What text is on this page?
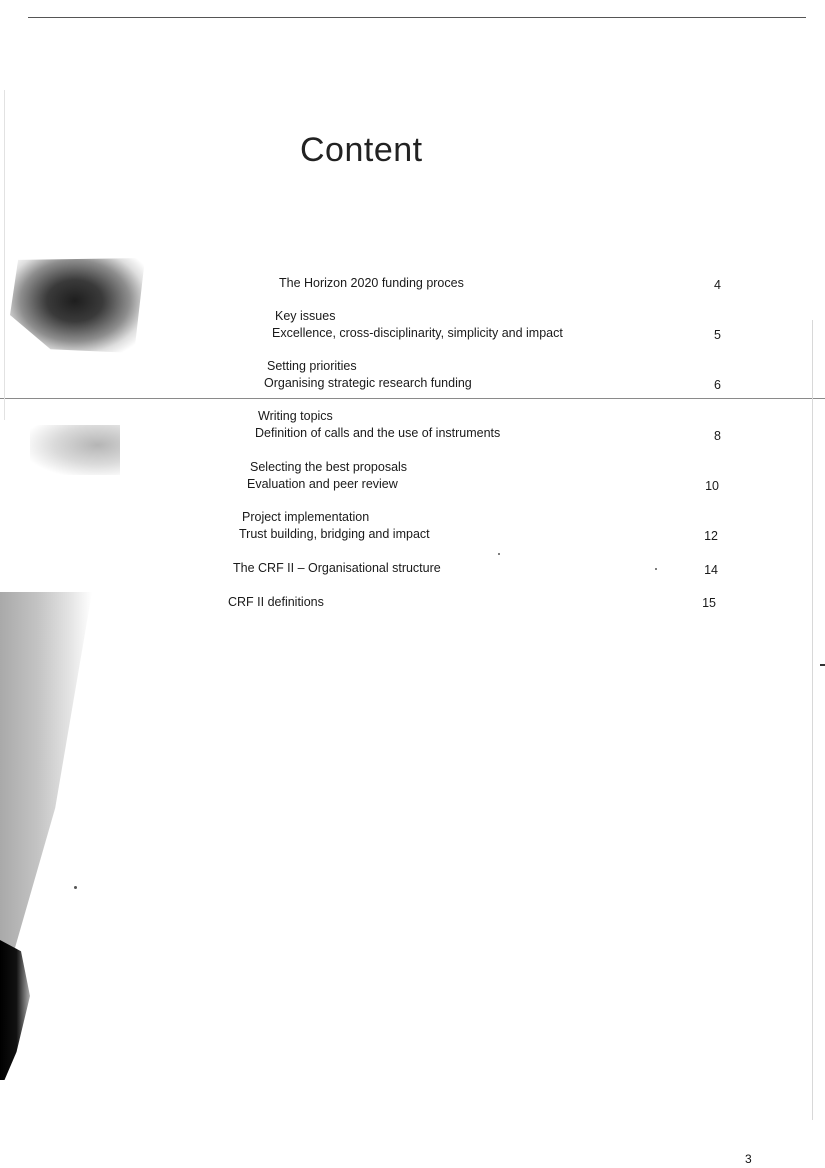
Content
The Horizon 2020 funding proces	4
Key issues
Excellence, cross-disciplinarity, simplicity and impact	5
Setting priorities
Organising strategic research funding	6
Writing topics
Definition of calls and the use of instruments	8
Selecting the best proposals
Evaluation and peer review	10
Project implementation
Trust building, bridging and impact	12
The CRF II – Organisational structure	14
CRF II definitions	15
3
